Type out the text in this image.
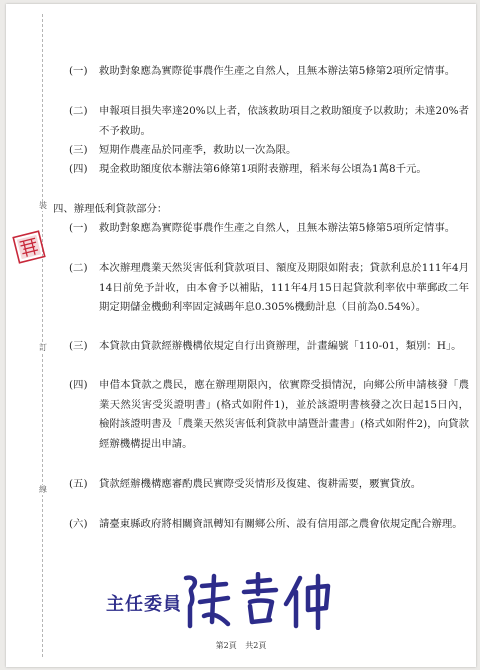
裝
訂
線
(一) 救助對象應為實際從事農作生產之自然人，且無本辦法第5條第2項所定情事。
(二) 申報項目損失率達20%以上者，依該救助項目之救助額度予以救助；未達20%者不予救助。
(三) 短期作農產品於同產季，救助以一次為限。
(四) 現金救助額度依本辦法第6條第1項附表辦理，稻米每公頃為1萬8千元。
四、辦理低利貸款部分：
(一) 救助對象應為實際從事農作生產之自然人，且無本辦法第5條第5項所定情事。
(二) 本次辦理農業天然災害低利貸款項目、額度及期限如附表；貸款利息於111年4月14日前免予計收，由本會予以補貼，111年4月15日起貸款利率依中華郵政二年期定期儲金機動利率固定減碼年息0.305%機動計息（目前為0.54%）。
(三) 本貸款由貸款經辦機構依規定自行出資辦理，計畫編號「110-01，類別：H」。
(四) 申借本貸款之農民，應在辦理期限內，依實際受損情況，向鄉公所申請核發「農業天然災害受災證明書」(格式如附件1)，並於該證明書核發之次日起15日內，檢附該證明書及「農業天然災害低利貸款申請暨計畫書」(格式如附件2)，向貸款經辦機構提出申請。
(五) 貸款經辦機構應審酌農民實際受災情形及復建、復耕需要，覈實貸放。
(六) 請臺東縣政府將相關資訊轉知有關鄉公所、設有信用部之農會依規定配合辦理。
主任委員
第2頁 共2頁
